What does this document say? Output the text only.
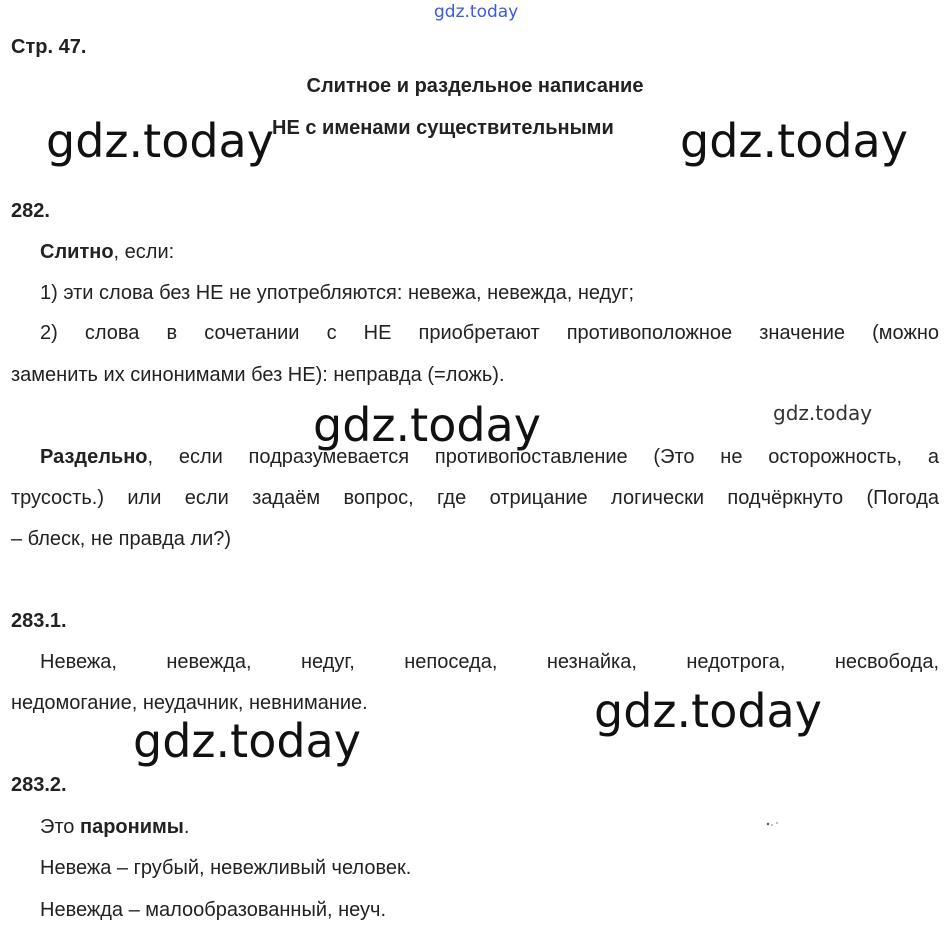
gdz.today
Стр. 47.
Слитное и раздельное написание
НЕ с именами существительными
gdz.today	gdz.today
282.
Слитно, если:
1) эти слова без НЕ не употребляются: невежа, невежда, недуг;
2) слова в сочетании с НЕ приобретают противоположное значение (можно
заменить их синонимами без НЕ): неправда (=ложь).
gdz.today	gdz.today
Раздельно, если подразумевается противопоставление (Это не осторожность, а
трусость.) или если задаём вопрос, где отрицание логически подчёркнуто (Погода
– блеск, не правда ли?)
283.1.
Невежа, невежда, недуг, непоседа, незнайка, недотрога, несвобода,
недомогание, неудачник, невнимание.	gdz.today
gdz.today
283.2.
Это паронимы.
Невежа – грубый, невежливый человек.
Невежда – малообразованный, неуч.
